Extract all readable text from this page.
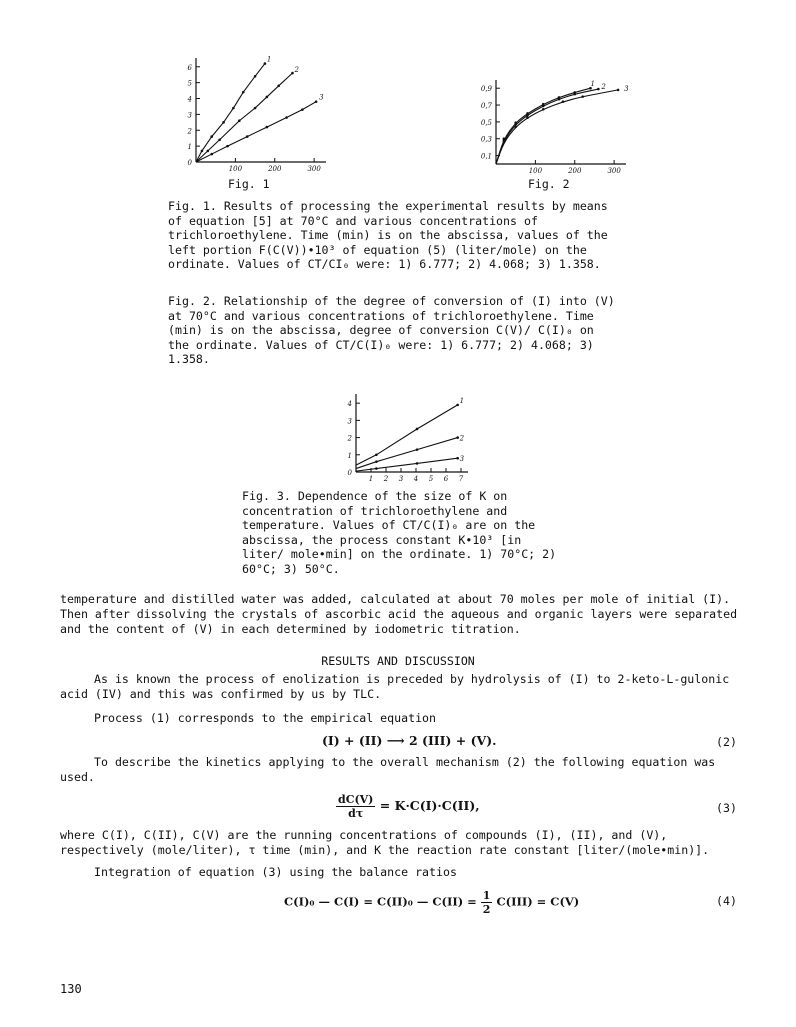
6
5
4
3
2
1
0
100	200	300
1
2
3
Fig. 1
0,9
0,7
0,5
0,3
0,1
100	200	300
1 2	3
Fig. 2

Fig. 1. Results of processing the experimental results by means of equation [5] at 70°C and various concentrations of trichloroethylene. Time (min) is on the abscissa, values of the left portion F(C(V))•10³ of equation (5) (liter/mole) on the ordinate. Values of CT/CI₀ were: 1) 6.777; 2) 4.068; 3) 1.358.

Fig. 2. Relationship of the degree of conversion of (I) into (V) at 70°C and various concentrations of trichloroethylene. Time (min) is on the abscissa, degree of conversion C(V)/ C(I)₀ on the ordinate. Values of CT/C(I)₀ were: 1) 6.777; 2) 4.068; 3) 1.358.

4
3
2
1
0
1 2 3 4 5 6 7
1
2
3

Fig. 3. Dependence of the size of K on concentration of trichloroethylene and temperature. Values of CT/C(I)₀ are on the abscissa, the process constant K•10³ [in liter/ mole•min] on the ordinate. 1) 70°C; 2) 60°C; 3) 50°C.

temperature and distilled water was added, calculated at about 70 moles per mole of initial (I). Then after dissolving the crystals of ascorbic acid the aqueous and organic layers were separated and the content of (V) in each determined by iodometric titration.

RESULTS AND DISCUSSION

As is known the process of enolization is preceded by hydrolysis of (I) to 2-keto-L-gulonic acid (IV) and this was confirmed by us by TLC.

Process (1) corresponds to the empirical equation

(I) + (II) ⟶ 2 (III) + (V).	(2)

To describe the kinetics applying to the overall mechanism (2) the following equation was used.

$\frac{dC(V)}{d\tau} = K\cdot C(I)\cdot C(II)$,	(3)

where C(I), C(II), C(V) are the running concentrations of compounds (I), (II), and (V), respectively (mole/liter), τ time (min), and K the reaction rate constant [liter/(mole•min)].

Integration of equation (3) using the balance ratios

C(I)₀ — C(I) = C(II)₀ — $C(II) = \frac{1}{2} C(III) = C(V)$	(4)
130
